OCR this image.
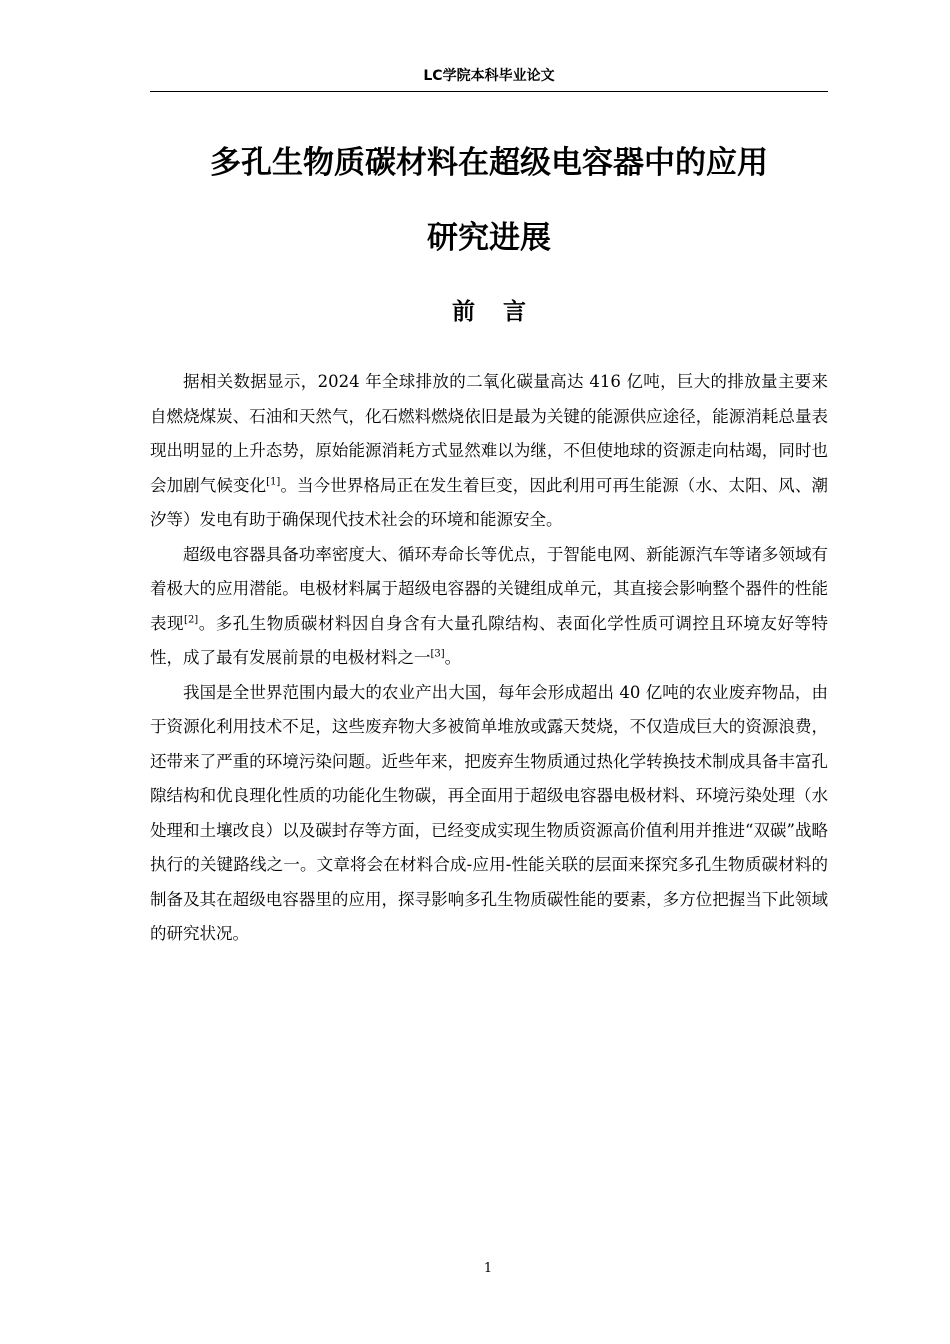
LC学院本科毕业论文
多孔生物质碳材料在超级电容器中的应用
研究进展
前言

据相关数据显示，2024 年全球排放的二氧化碳量高达 416 亿吨，巨大的排放量主要来自燃烧煤炭、石油和天然气，化石燃料燃烧依旧是最为关键的能源供应途径，能源消耗总量表现出明显的上升态势，原始能源消耗方式显然难以为继，不但使地球的资源走向枯竭，同时也会加剧气候变化[1]。当今世界格局正在发生着巨变，因此利用可再生能源（水、太阳、风、潮汐等）发电有助于确保现代技术社会的环境和能源安全。

超级电容器具备功率密度大、循环寿命长等优点，于智能电网、新能源汽车等诸多领域有着极大的应用潜能。电极材料属于超级电容器的关键组成单元，其直接会影响整个器件的性能表现[2]。多孔生物质碳材料因自身含有大量孔隙结构、表面化学性质可调控且环境友好等特性，成了最有发展前景的电极材料之一[3]。

我国是全世界范围内最大的农业产出大国，每年会形成超出 40 亿吨的农业废弃物品，由于资源化利用技术不足，这些废弃物大多被简单堆放或露天焚烧，不仅造成巨大的资源浪费，还带来了严重的环境污染问题。近些年来，把废弃生物质通过热化学转换技术制成具备丰富孔隙结构和优良理化性质的功能化生物碳，再全面用于超级电容器电极材料、环境污染处理（水处理和土壤改良）以及碳封存等方面，已经变成实现生物质资源高价值利用并推进“双碳”战略执行的关键路线之一。文章将会在材料合成-应用-性能关联的层面来探究多孔生物质碳材料的制备及其在超级电容器里的应用，探寻影响多孔生物质碳性能的要素，多方位把握当下此领域的研究状况。

1
